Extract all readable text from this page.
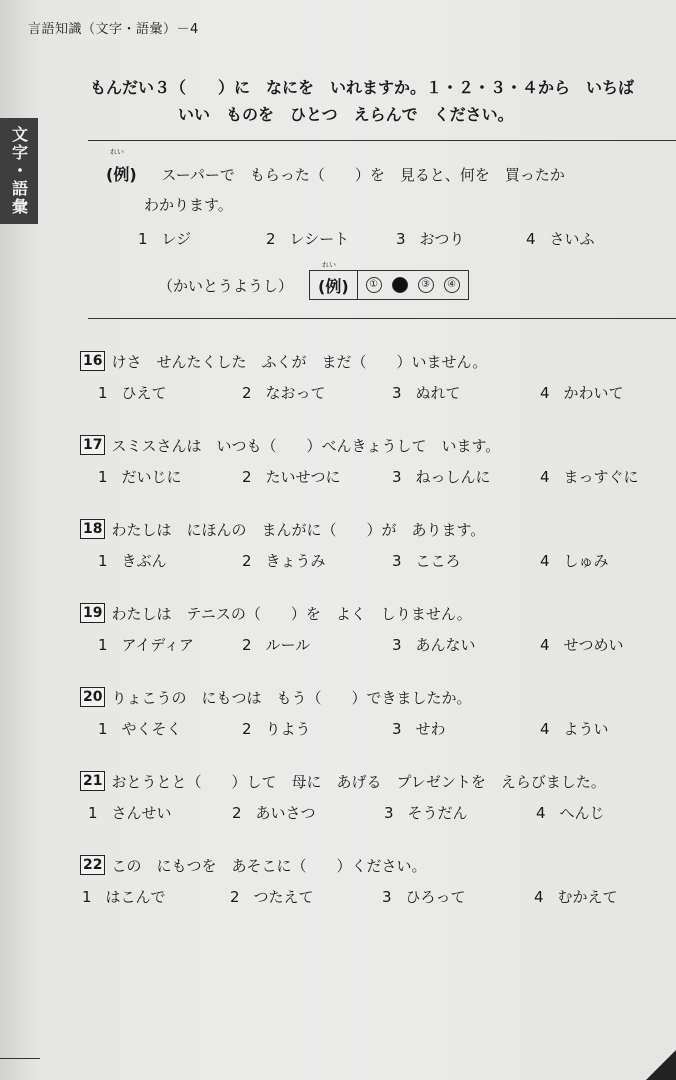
言語知識（文字・語彙）－4
文字・語彙
もんだい３（　　）に　なにを　いれますか。１・２・３・４から　いちば
いい　ものを　ひとつ　えらんで　ください。
れい
(例) スーパーで　もらった（　　）を　見ると、何を　買ったか
わかります。
1 レジ	2 レシート	3 おつり	4 さいふ
（かいとうようし）
れい
(例)	①	③	④
16 けさ　せんたくした　ふくが　まだ（　　）いません。
1 ひえて	2 なおって	3 ぬれて	4 かわいて
17 スミスさんは　いつも（　　）べんきょうして　います。
1 だいじに	2 たいせつに	3 ねっしんに	4 まっすぐに
18 わたしは　にほんの　まんがに（　　）が　あります。
1 きぶん	2 きょうみ	3 こころ	4 しゅみ
19 わたしは　テニスの（　　）を　よく　しりません。
1 アイディア	2 ルール	3 あんない	4 せつめい
20 りょこうの　にもつは　もう（　　）できましたか。
1 やくそく	2 りよう	3 せわ	4 ようい
21 おとうとと（　　）して　母に　あげる　プレゼントを　えらびました。
1 さんせい	2 あいさつ	3 そうだん	4 へんじ
22 この　にもつを　あそこに（　　）ください。
1 はこんで	2 つたえて	3 ひろって	4 むかえて
